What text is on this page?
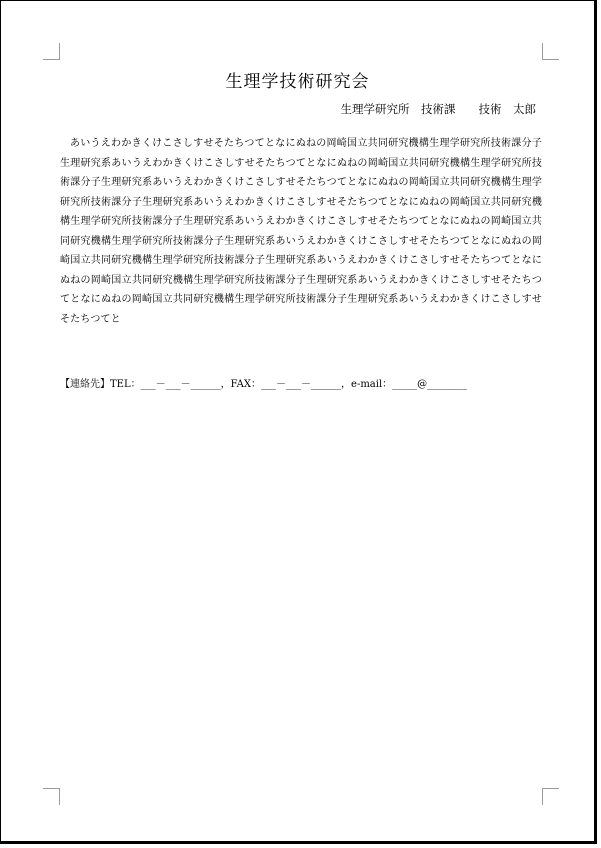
生理学技術研究会
生理学研究所　技術課　　技術　太郎
あいうえわかきくけこさしすせそたちつてとなにぬねの岡崎国立共同研究機構生理学研究所技術課分子生理研究系あいうえわかきくけこさしすせそたちつてとなにぬねの岡崎国立共同研究機構生理学研究所技術課分子生理研究系あいうえわかきくけこさしすせそたちつてとなにぬねの岡崎国立共同研究機構生理学研究所技術課分子生理研究系あいうえわかきくけこさしすせそたちつてとなにぬねの岡崎国立共同研究機構生理学研究所技術課分子生理研究系あいうえわかきくけこさしすせそたちつてとなにぬねの岡崎国立共同研究機構生理学研究所技術課分子生理研究系あいうえわかきくけこさしすせそたちつてとなにぬねの岡崎国立共同研究機構生理学研究所技術課分子生理研究系あいうえわかきくけこさしすせそたちつてとなにぬねの岡崎国立共同研究機構生理学研究所技術課分子生理研究系あいうえわかきくけこさしすせそたちつてとなにぬねの岡崎国立共同研究機構生理学研究所技術課分子生理研究系あいうえわかきくけこさしすせそたちつてと
【連絡先】TEL：___－___－______，FAX：___－___－______，e-mail：_____@________
